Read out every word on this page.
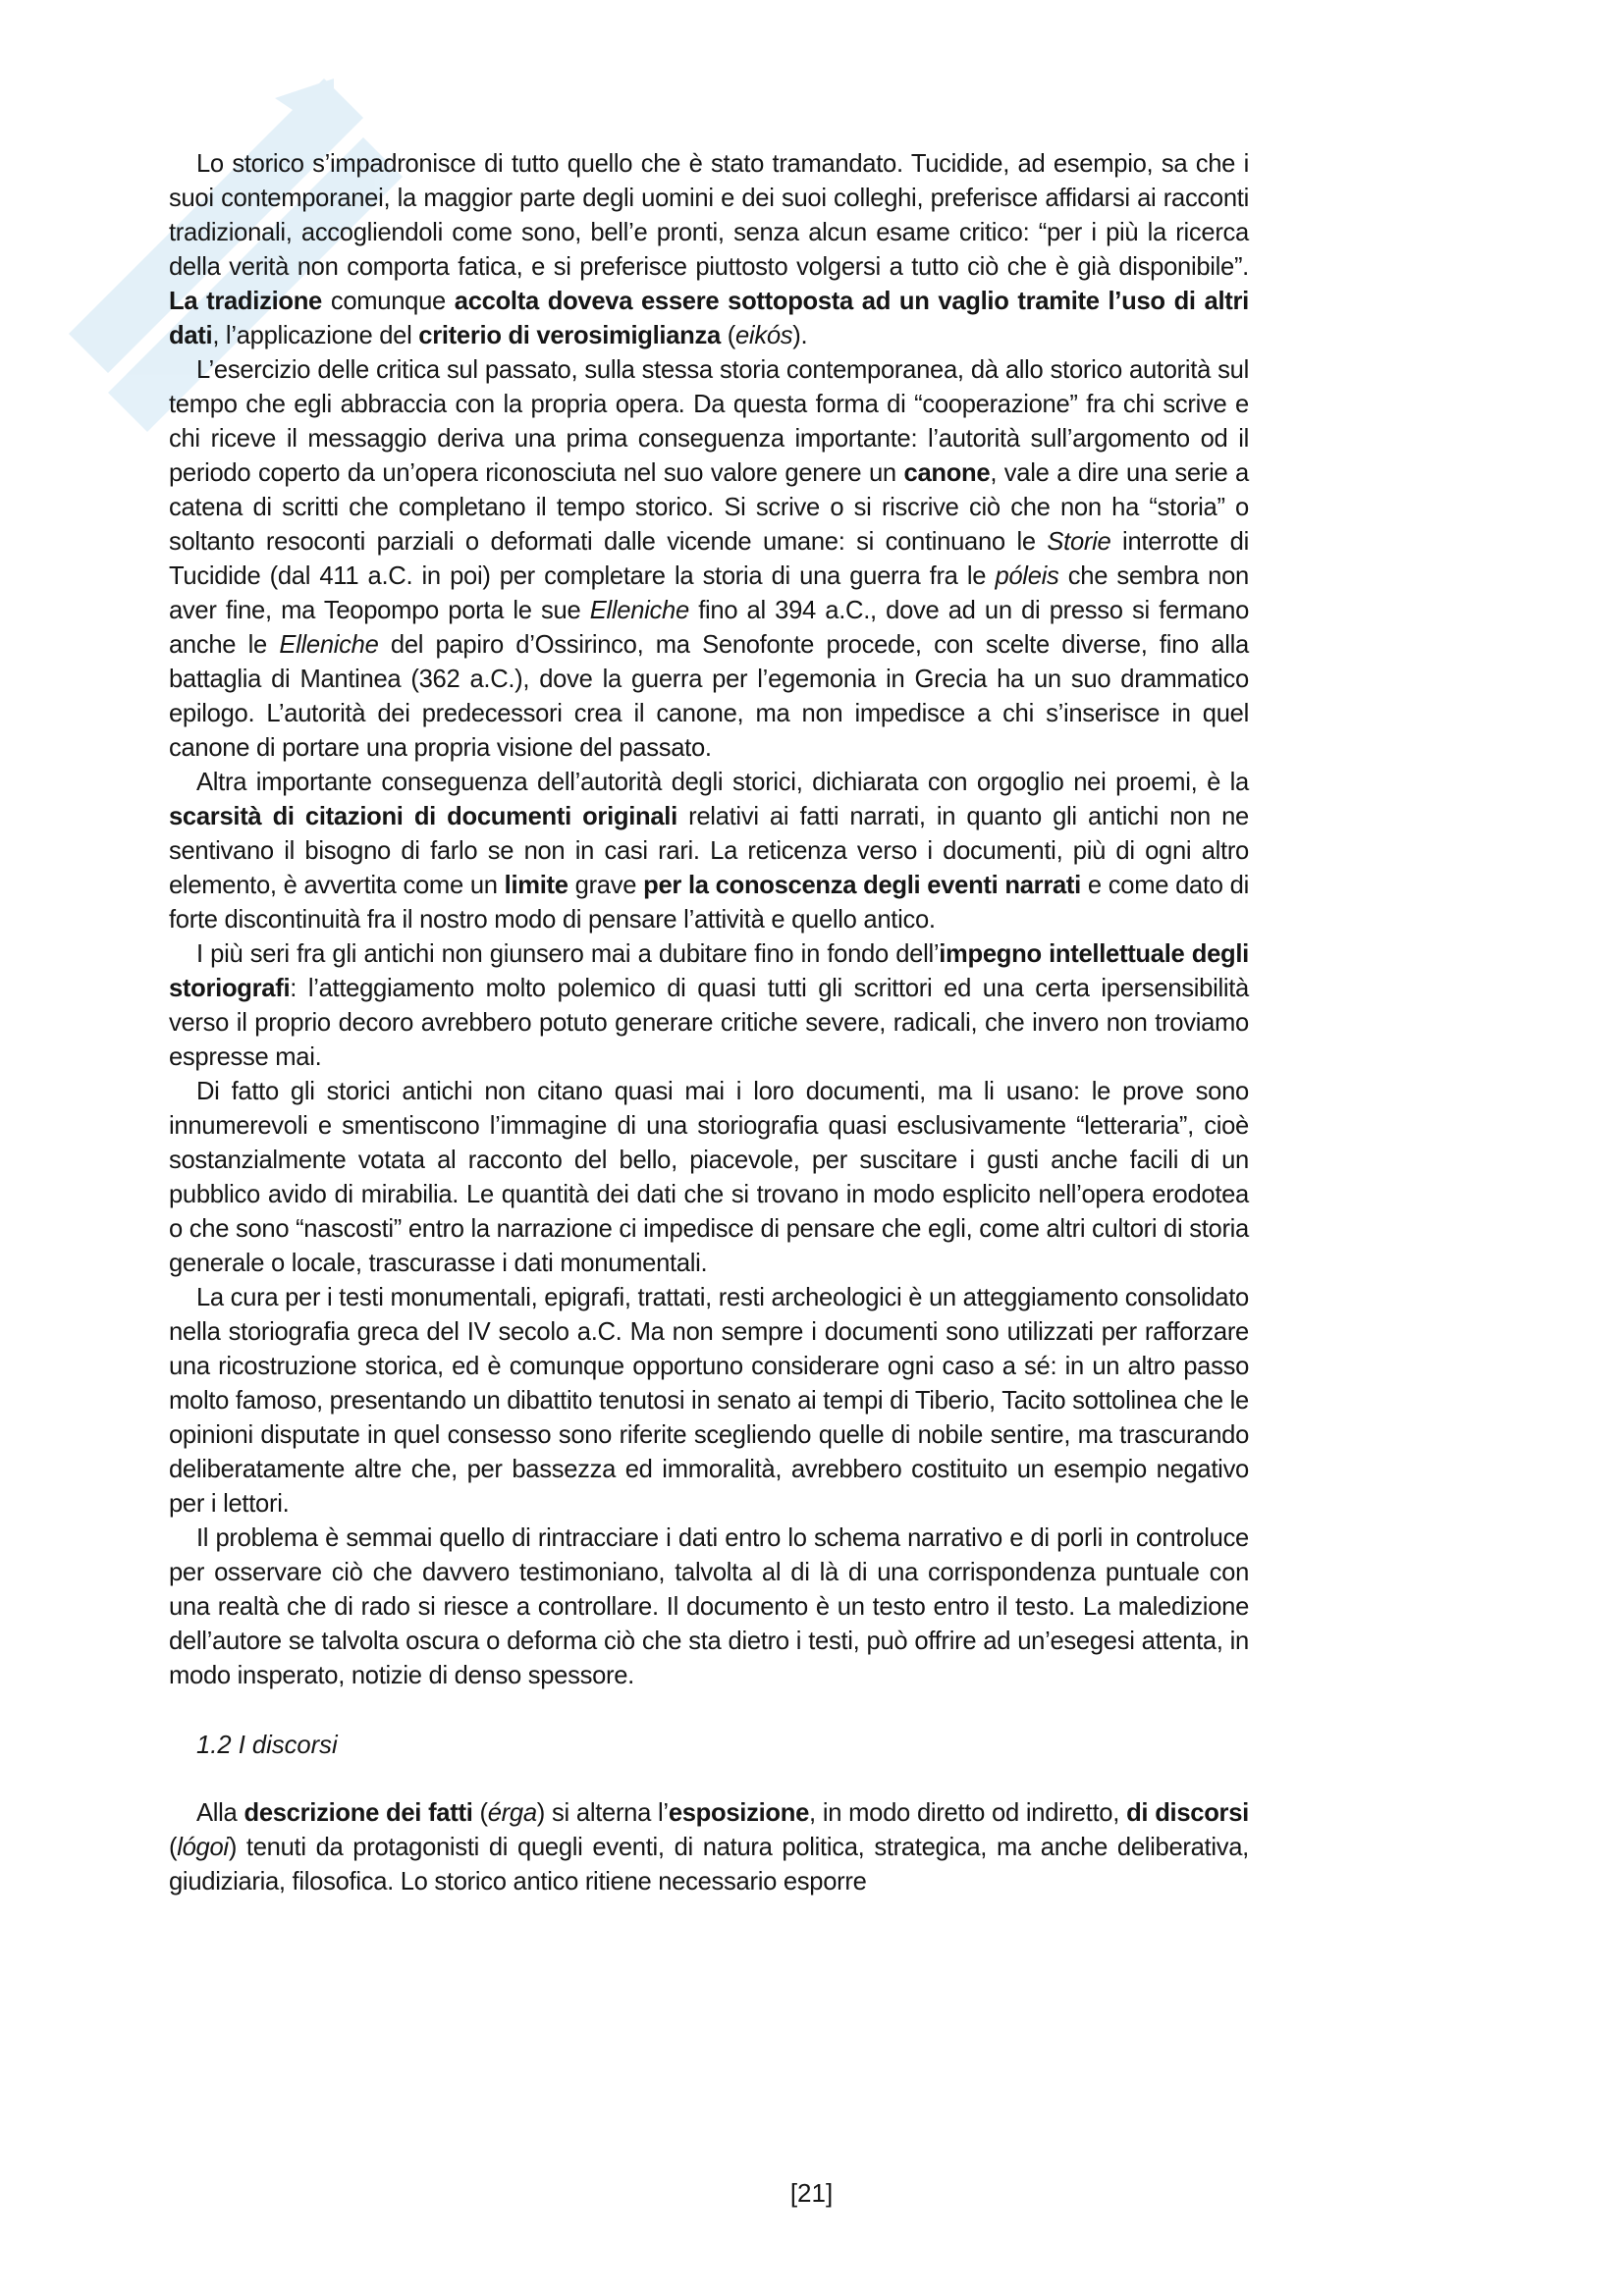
Lo storico s’impadronisce di tutto quello che è stato tramandato. Tucidide, ad esempio, sa che i suoi contemporanei, la maggior parte degli uomini e dei suoi colleghi, preferisce affidarsi ai racconti tradizionali, accogliendoli come sono, bell’e pronti, senza alcun esame critico: “per i più la ricerca della verità non comporta fatica, e si preferisce piuttosto volgersi a tutto ciò che è già disponibile”. La tradizione comunque accolta doveva essere sottoposta ad un vaglio tramite l’uso di altri dati, l’applicazione del criterio di verosimiglianza (eikós).

L’esercizio delle critica sul passato, sulla stessa storia contemporanea, dà allo storico autorità sul tempo che egli abbraccia con la propria opera. Da questa forma di “cooperazione” fra chi scrive e chi riceve il messaggio deriva una prima conseguenza importante: l’autorità sull’argomento od il periodo coperto da un’opera riconosciuta nel suo valore genere un canone, vale a dire una serie a catena di scritti che completano il tempo storico. Si scrive o si riscrive ciò che non ha “storia” o soltanto resoconti parziali o deformati dalle vicende umane: si continuano le Storie interrotte di Tucidide (dal 411 a.C. in poi) per completare la storia di una guerra fra le póleis che sembra non aver fine, ma Teopompo porta le sue Elleniche fino al 394 a.C., dove ad un di presso si fermano anche le Elleniche del papiro d’Ossirinco, ma Senofonte procede, con scelte diverse, fino alla battaglia di Mantinea (362 a.C.), dove la guerra per l’egemonia in Grecia ha un suo drammatico epilogo. L’autorità dei predecessori crea il canone, ma non impedisce a chi s’inserisce in quel canone di portare una propria visione del passato.

Altra importante conseguenza dell’autorità degli storici, dichiarata con orgoglio nei proemi, è la scarsità di citazioni di documenti originali relativi ai fatti narrati, in quanto gli antichi non ne sentivano il bisogno di farlo se non in casi rari. La reticenza verso i documenti, più di ogni altro elemento, è avvertita come un limite grave per la conoscenza degli eventi narrati e come dato di forte discontinuità fra il nostro modo di pensare l’attività e quello antico.

I più seri fra gli antichi non giunsero mai a dubitare fino in fondo dell’impegno intellettuale degli storiografi: l’atteggiamento molto polemico di quasi tutti gli scrittori ed una certa ipersensibilità verso il proprio decoro avrebbero potuto generare critiche severe, radicali, che invero non troviamo espresse mai.

Di fatto gli storici antichi non citano quasi mai i loro documenti, ma li usano: le prove sono innumerevoli e smentiscono l’immagine di una storiografia quasi esclusivamente “letteraria”, cioè sostanzialmente votata al racconto del bello, piacevole, per suscitare i gusti anche facili di un pubblico avido di mirabilia. Le quantità dei dati che si trovano in modo esplicito nell’opera erodotea o che sono “nascosti” entro la narrazione ci impedisce di pensare che egli, come altri cultori di storia generale o locale, trascurasse i dati monumentali.

La cura per i testi monumentali, epigrafi, trattati, resti archeologici è un atteggiamento consolidato nella storiografia greca del IV secolo a.C. Ma non sempre i documenti sono utilizzati per rafforzare una ricostruzione storica, ed è comunque opportuno considerare ogni caso a sé: in un altro passo molto famoso, presentando un dibattito tenutosi in senato ai tempi di Tiberio, Tacito sottolinea che le opinioni disputate in quel consesso sono riferite scegliendo quelle di nobile sentire, ma trascurando deliberatamente altre che, per bassezza ed immoralità, avrebbero costituito un esempio negativo per i lettori.

Il problema è semmai quello di rintracciare i dati entro lo schema narrativo e di porli in controluce per osservare ciò che davvero testimoniano, talvolta al di là di una corrispondenza puntuale con una realtà che di rado si riesce a controllare. Il documento è un testo entro il testo. La maledizione dell’autore se talvolta oscura o deforma ciò che sta dietro i testi, può offrire ad un’esegesi attenta, in modo insperato, notizie di denso spessore.

1.2 I discorsi

Alla descrizione dei fatti (érga) si alterna l’esposizione, in modo diretto od indiretto, di discorsi (lógoi) tenuti da protagonisti di quegli eventi, di natura politica, strategica, ma anche deliberativa, giudiziaria, filosofica. Lo storico antico ritiene necessario esporre

[21]
